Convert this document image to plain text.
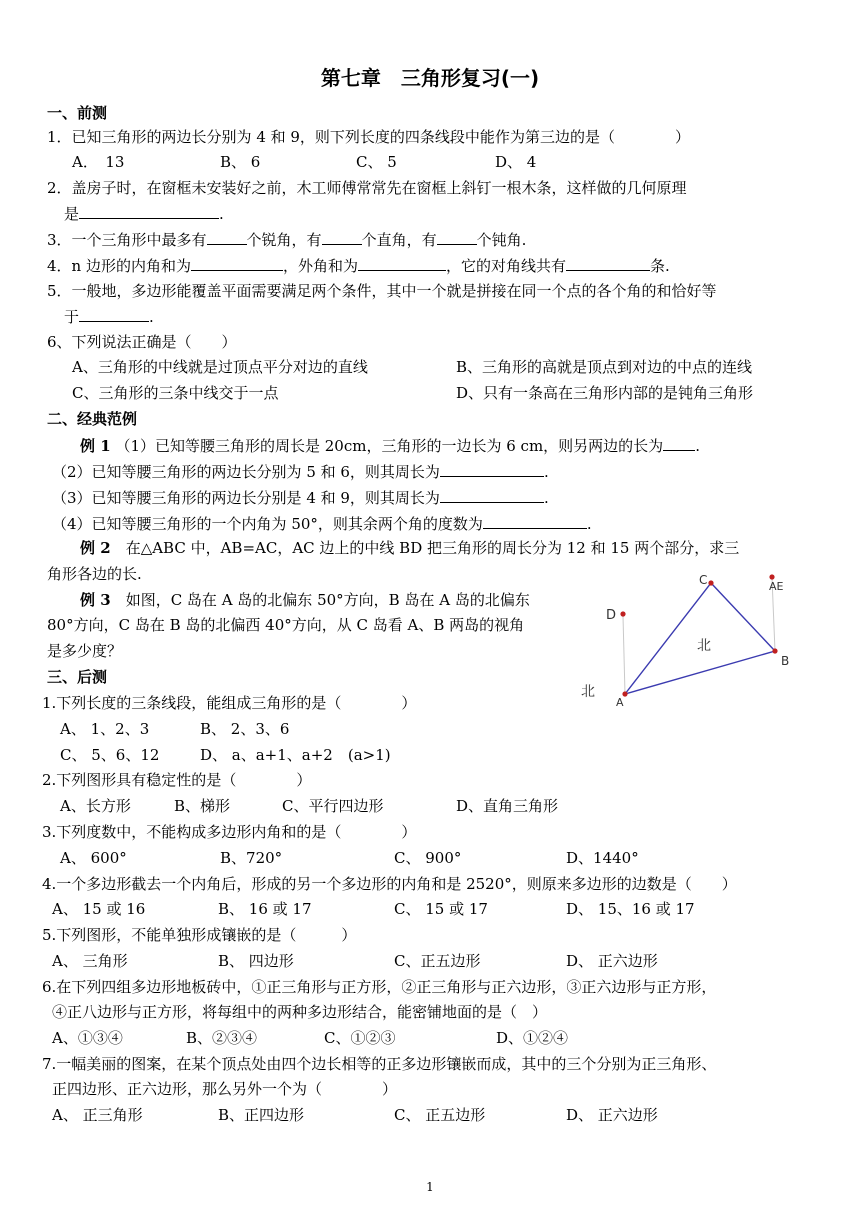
第七章　三角形复习(一)
一、前测
1．已知三角形的两边长分别为 4 和 9，则下列长度的四条线段中能作为第三边的是（　　　　）
A．　13	B、 6	C、 5	D、 4
2．盖房子时，在窗框未安装好之前，木工师傅常常先在窗框上斜钉一根木条，这样做的几何原理
是	.
3．一个三角形中最多有	个锐角，有	个直角，有	个钝角.
4．n 边形的内角和为	，外角和为	，它的对角线共有	条.
5．一般地，多边形能覆盖平面需要满足两个条件，其中一个就是拼接在同一个点的各个角的和恰好等
于	.
6、下列说法正确是（　　）
A、三角形的中线就是过顶点平分对边的直线	B、三角形的高就是顶点到对边的中点的连线
C、三角形的三条中线交于一点	D、只有一条高在三角形内部的是钝角三角形
二、经典范例
例 1 （1）已知等腰三角形的周长是 20cm，三角形的一边长为 6 cm，则另两边的长为 .
（2）已知等腰三角形的两边长分别为 5 和 6，则其周长为	.
（3）已知等腰三角形的两边长分别是 4 和 9，则其周长为	.
（4）已知等腰三角形的一个内角为 50°，则其余两个角的度数为	.
例 2　 在△ABC 中，AB=AC，AC 边上的中线 BD 把三角形的周长分为 12 和 15 两个部分，求三
角形各边的长.
例 3　 如图，C 岛在 A 岛的北偏东 50°方向，B 岛在 A 岛的北偏东
80°方向，C 岛在 B 岛的北偏西 40°方向，从 C 岛看 A、B 两岛的视角
是多少度？
C	AE
D
北
B
北
A
三、后测
1.下列长度的三条线段，能组成三角形的是（　　　　）
A、 1、2、3	B、 2、3、6
C、 5、6、12	D、 a、a+1、a+2　(a>1)
2.下列图形具有稳定性的是（　　　　）
A、长方形	B、梯形	C、平行四边形	D、直角三角形
3.下列度数中，不能构成多边形内角和的是（　　　　）
A、 600°	B、720°	C、 900°	D、1440°
4.一个多边形截去一个内角后，形成的另一个多边形的内角和是 2520°，则原来多边形的边数是（　　）
A、 15 或 16	B、 16 或 17	C、 15 或 17	D、 15、16 或 17
5.下列图形，不能单独形成镶嵌的是（　　　）
A、 三角形	B、 四边形	C、正五边形	D、 正六边形
6.在下列四组多边形地板砖中，①正三角形与正方形，②正三角形与正六边形，③正六边形与正方形，
④正八边形与正方形，将每组中的两种多边形结合，能密铺地面的是（　）
A、①③④	B、②③④	C、①②③	D、①②④
7.一幅美丽的图案，在某个顶点处由四个边长相等的正多边形镶嵌而成，其中的三个分别为正三角形、
正四边形、正六边形，那么另外一个为（　　　　）
A、 正三角形	B、正四边形	C、 正五边形	D、 正六边形
1
